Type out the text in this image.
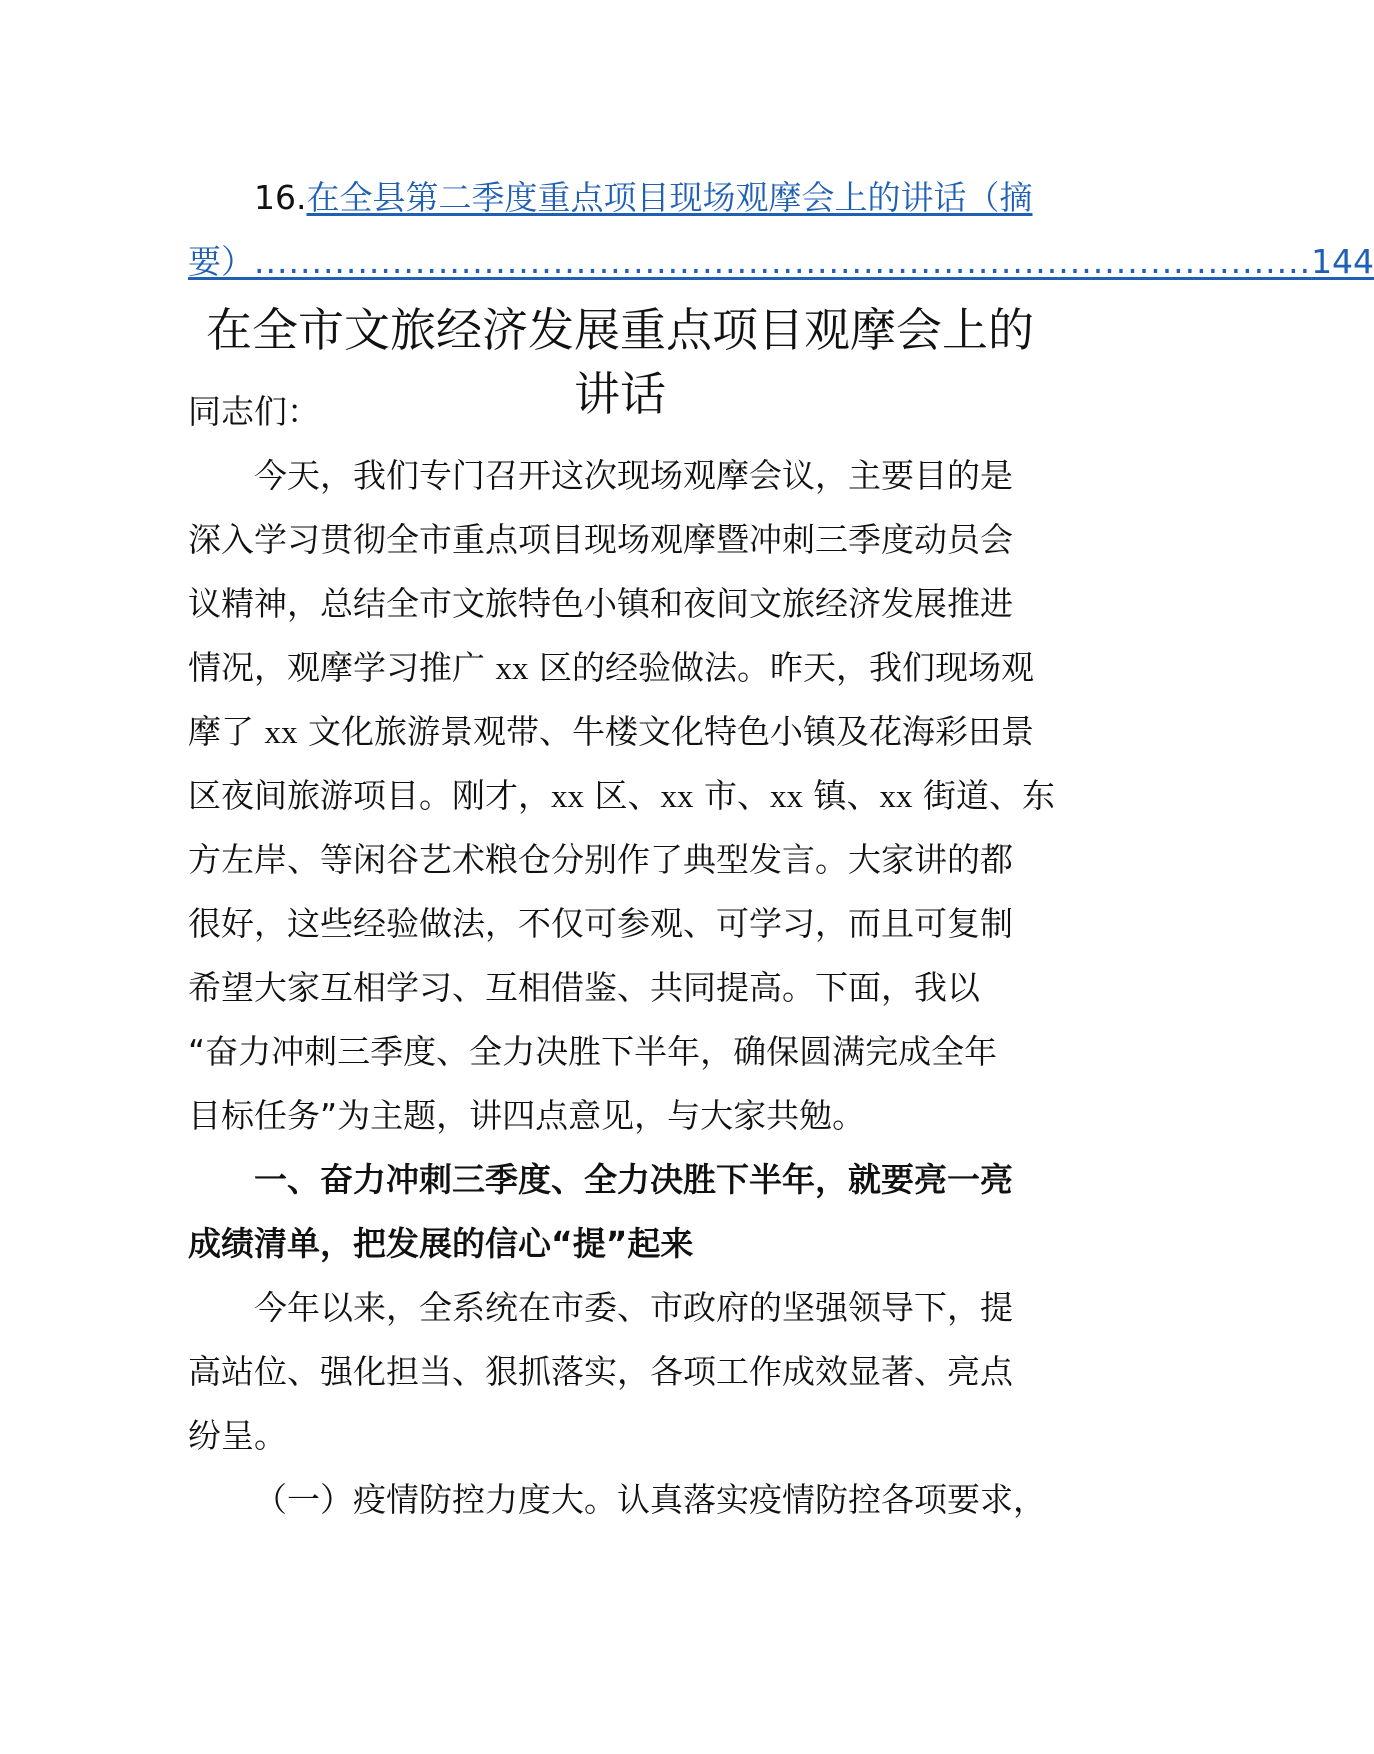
16.在全县第二季度重点项目现场观摩会上的讲话（摘
要） ............................................................................................ 144
在全市文旅经济发展重点项目观摩会上的
讲话
同志们：
今天，我们专门召开这次现场观摩会议，主要目的是
深入学习贯彻全市重点项目现场观摩暨冲刺三季度动员会
议精神，总结全市文旅特色小镇和夜间文旅经济发展推进
情况，观摩学习推广 xx 区的经验做法。昨天，我们现场观
摩了 xx 文化旅游景观带、牛楼文化特色小镇及花海彩田景
区夜间旅游项目。刚才，xx 区、xx 市、xx 镇、xx 街道、东
方左岸、等闲谷艺术粮仓分别作了典型发言。大家讲的都
很好，这些经验做法，不仅可参观、可学习，而且可复制
希望大家互相学习、互相借鉴、共同提高。下面，我以
“奋力冲刺三季度、全力决胜下半年，确保圆满完成全年
目标任务”为主题，讲四点意见，与大家共勉。
一、奋力冲刺三季度、全力决胜下半年，就要亮一亮
成绩清单，把发展的信心“提”起来
今年以来，全系统在市委、市政府的坚强领导下，提
高站位、强化担当、狠抓落实，各项工作成效显著、亮点
纷呈。
（一）疫情防控力度大。认真落实疫情防控各项要求，
